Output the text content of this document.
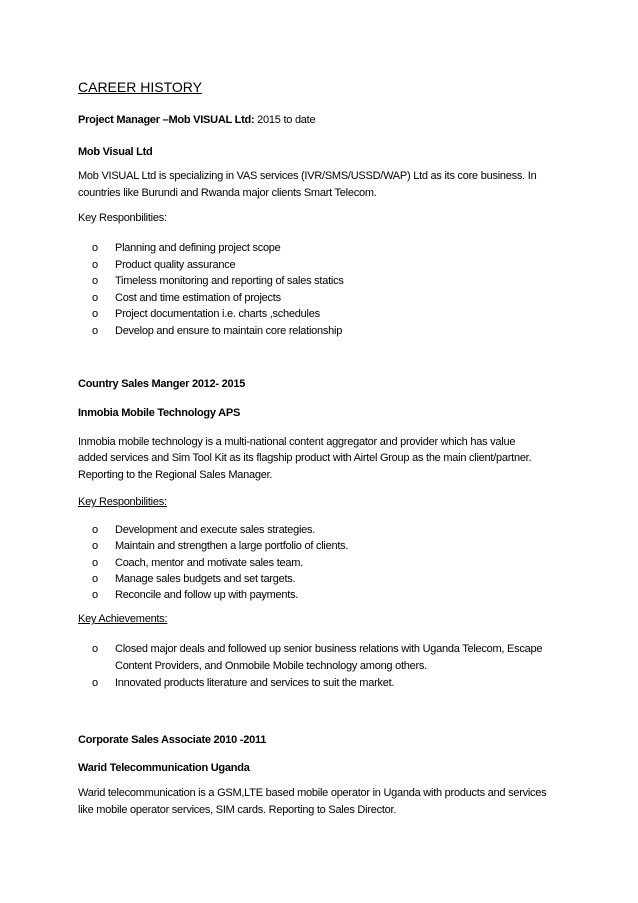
CAREER HISTORY
Project Manager –Mob VISUAL Ltd: 2015 to date
Mob Visual Ltd
Mob VISUAL Ltd is specializing in VAS services (IVR/SMS/USSD/WAP) Ltd as its core business. In
countries like Burundi and Rwanda major clients Smart Telecom.
Key Responbilities:
o Planning and defining project scope
o Product quality assurance
o Timeless monitoring and reporting of sales statics
o Cost and time estimation of projects
o Project documentation i.e. charts ,schedules
o Develop and ensure to maintain core relationship
Country Sales Manger 2012- 2015
Inmobia Mobile Technology APS
Inmobia mobile technology is a multi-national content aggregator and provider which has value
added services and Sim Tool Kit as its flagship product with Airtel Group as the main client/partner.
Reporting to the Regional Sales Manager.
Key Responbilities:
o Development and execute sales strategies.
o Maintain and strengthen a large portfolio of clients.
o Coach, mentor and motivate sales team.
o Manage sales budgets and set targets.
o Reconcile and follow up with payments.
Key Achievements:
o Closed major deals and followed up senior business relations with Uganda Telecom, Escape
Content Providers, and Onmobile Mobile technology among others.
o Innovated products literature and services to suit the market.
Corporate Sales Associate 2010 -2011
Warid Telecommunication Uganda
Warid telecommunication is a GSM,LTE based mobile operator in Uganda with products and services
like mobile operator services, SIM cards. Reporting to Sales Director.
